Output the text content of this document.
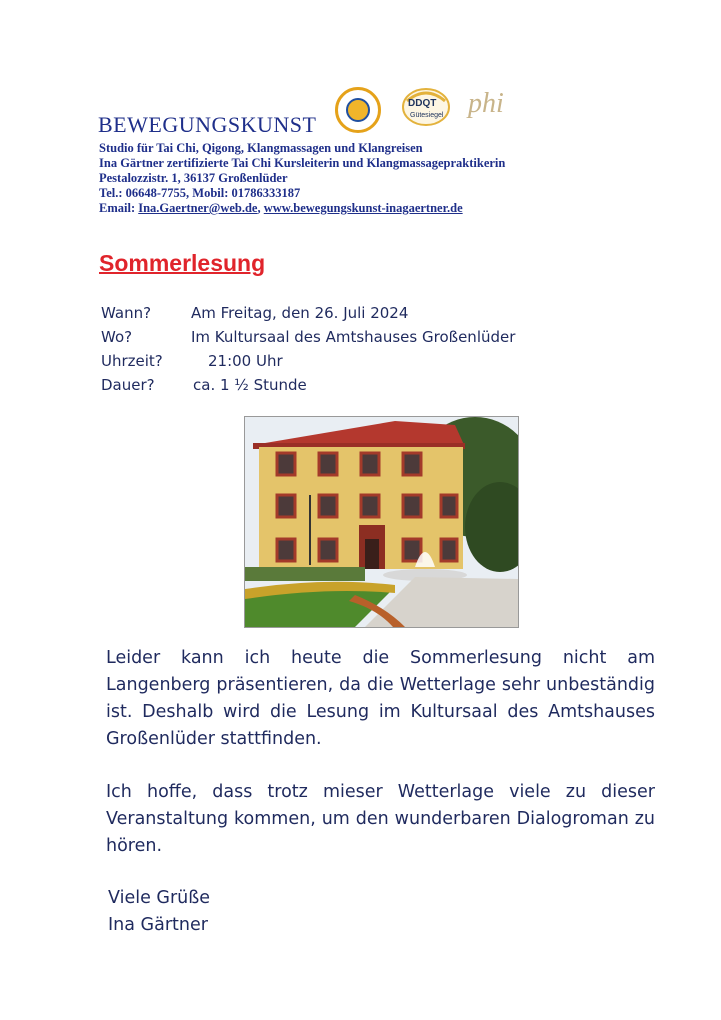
BEWEGUNGSKUNST
DDQT
Gütesiegel phi
Studio für Tai Chi, Qigong, Klangmassagen und Klangreisen
Ina Gärtner zertifizierte Tai Chi Kursleiterin und Klangmassagepraktikerin
Pestalozzistr. 1, 36137 Großenlüder
Tel.: 06648-7755, Mobil: 01786333187
Email: Ina.Gaertner@web.de, www.bewegungskunst-inagaertner.de
Sommerlesung
Wann?	Am Freitag, den 26. Juli 2024
Wo?	Im Kultursaal des Amtshauses Großenlüder
Uhrzeit?	21:00 Uhr
Dauer?	ca. 1 ½ Stunde
Leider kann ich heute die Sommerlesung nicht am Langenberg präsentieren, da die Wetterlage sehr unbeständig ist. Deshalb wird die Lesung im Kultursaal des Amtshauses Großenlüder stattfinden.
Ich hoffe, dass trotz mieser Wetterlage viele zu dieser Veranstaltung kommen, um den wunderbaren Dialogroman zu hören.
Viele Grüße
Ina Gärtner
